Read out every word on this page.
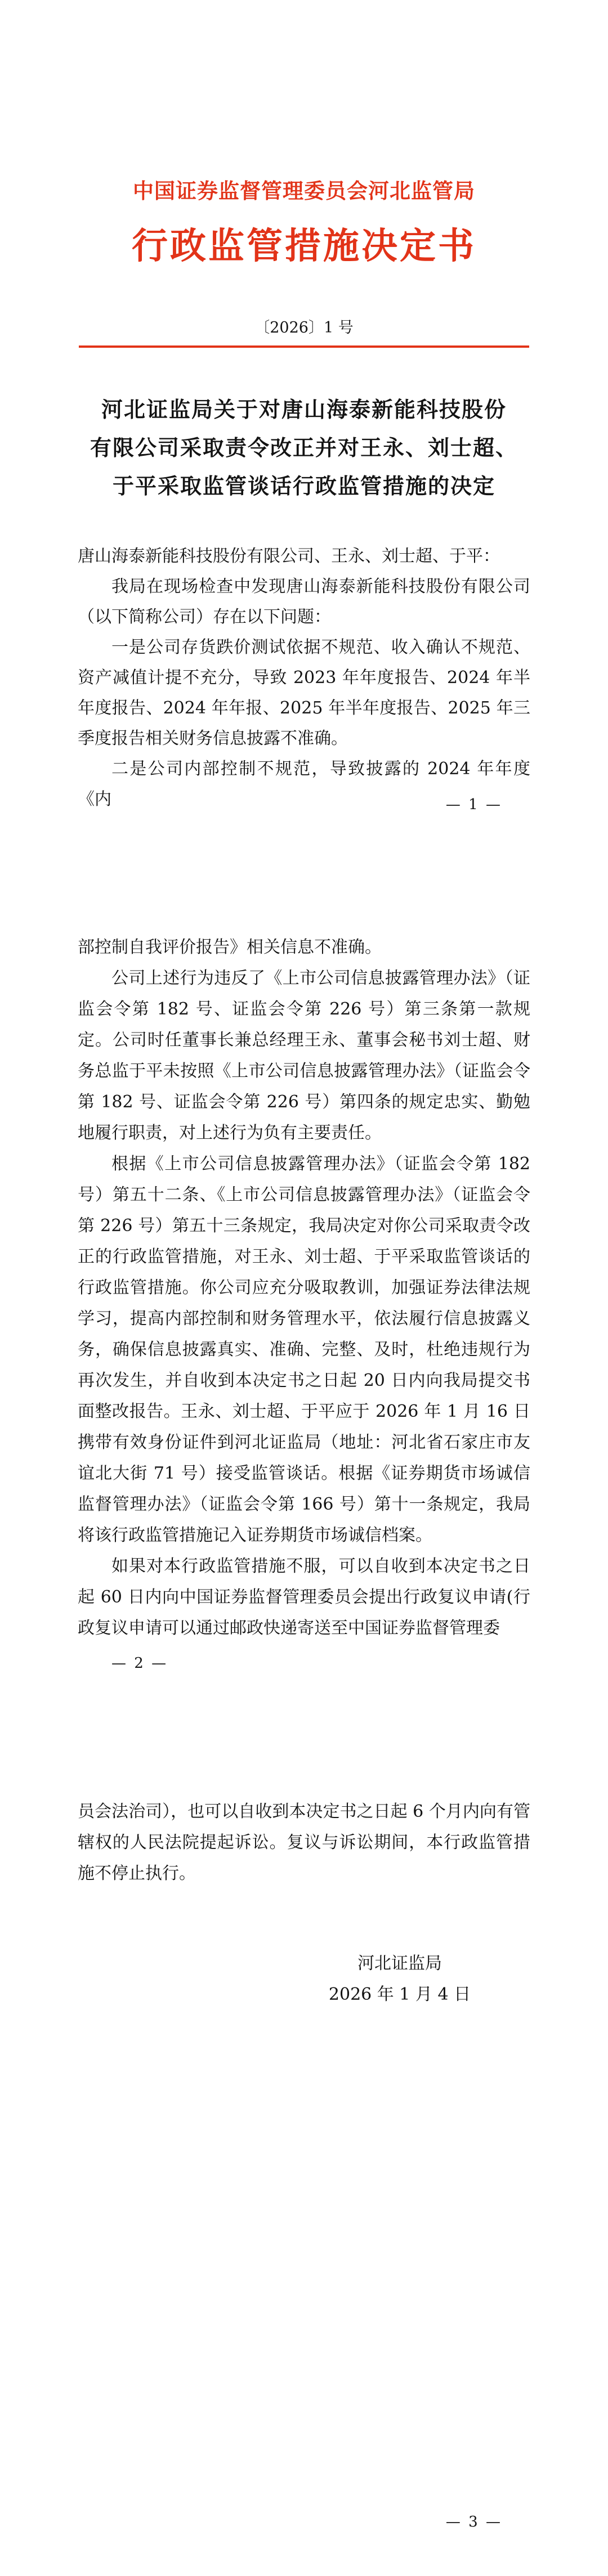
中国证券监督管理委员会河北监管局
行政监管措施决定书
〔2026〕1 号
河北证监局关于对唐山海泰新能科技股份
有限公司采取责令改正并对王永、刘士超、
于平采取监管谈话行政监管措施的决定

唐山海泰新能科技股份有限公司、王永、刘士超、于平：

我局在现场检查中发现唐山海泰新能科技股份有限公司（以下简称公司）存在以下问题：

一是公司存货跌价测试依据不规范、收入确认不规范、资产减值计提不充分，导致 2023 年年度报告、2024 年半年度报告、2024 年年报、2025 年半年度报告、2025 年三季度报告相关财务信息披露不准确。

二是公司内部控制不规范，导致披露的 2024 年年度《内	— 1 —

部控制自我评价报告》相关信息不准确。

公司上述行为违反了《上市公司信息披露管理办法》（证监会令第 182 号、证监会令第 226 号）第三条第一款规定。公司时任董事长兼总经理王永、董事会秘书刘士超、财务总监于平未按照《上市公司信息披露管理办法》（证监会令第 182 号、证监会令第 226 号）第四条的规定忠实、勤勉地履行职责，对上述行为负有主要责任。

根据《上市公司信息披露管理办法》（证监会令第 182 号）第五十二条、《上市公司信息披露管理办法》（证监会令第 226 号）第五十三条规定，我局决定对你公司采取责令改正的行政监管措施，对王永、刘士超、于平采取监管谈话的行政监管措施。你公司应充分吸取教训，加强证券法律法规学习，提高内部控制和财务管理水平，依法履行信息披露义务，确保信息披露真实、准确、完整、及时，杜绝违规行为再次发生，并自收到本决定书之日起 20 日内向我局提交书面整改报告。王永、刘士超、于平应于 2026 年 1 月 16 日携带有效身份证件到河北证监局（地址：河北省石家庄市友谊北大街 71 号）接受监管谈话。根据《证券期货市场诚信监督管理办法》（证监会令第 166 号）第十一条规定，我局将该行政监管措施记入证券期货市场诚信档案。

如果对本行政监管措施不服，可以自收到本决定书之日起 60 日内向中国证券监督管理委员会提出行政复议申请(行政复议申请可以通过邮政快递寄送至中国证券监督管理委

— 2 —

员会法治司），也可以自收到本决定书之日起 6 个月内向有管辖权的人民法院提起诉讼。复议与诉讼期间，本行政监管措施不停止执行。

河北证监局
2026 年 1 月 4 日
— 3 —
